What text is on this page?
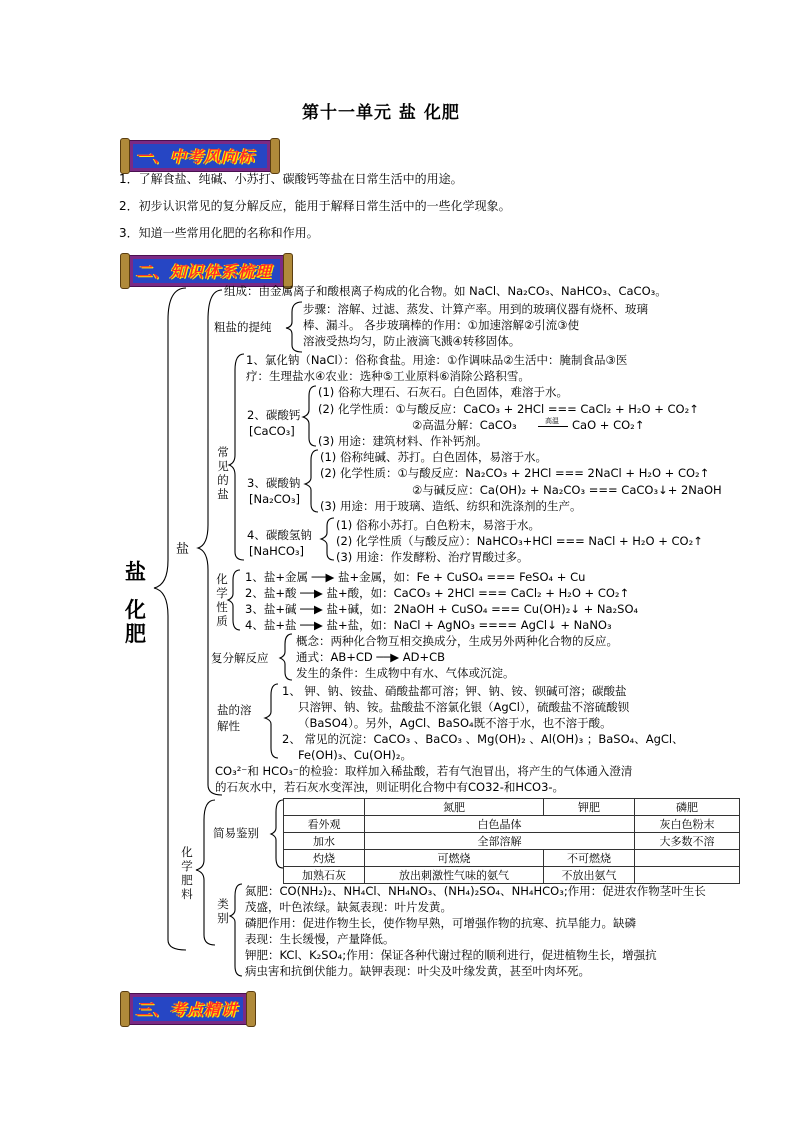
第十一单元 盐 化肥
一、中考风向标
1．了解食盐、纯碱、小苏打、碳酸钙等盐在日常生活中的用途。
2．初步认识常见的复分解反应，能用于解释日常生活中的一些化学现象。
3．知道一些常用化肥的名称和作用。
二、知识体系梳理
盐
化肥
盐
组成：由金属离子和酸根离子构成的化合物。如 NaCl、Na₂CO₃、NaHCO₃、CaCO₃。
粗盐的提纯
步骤：溶解、过滤、蒸发、计算产率。用到的玻璃仪器有烧杯、玻璃
棒、漏斗。 各步玻璃棒的作用：①加速溶解②引流③使
溶液受热均匀，防止液滴飞溅④转移固体。
常见的盐
1、氯化钠（NaCl）：俗称食盐。用途：①作调味品②生活中：腌制食品③医
疗：生理盐水④农业：选种⑤工业原料⑥消除公路积雪。
2、碳酸钙
[CaCO₃]
(1) 俗称大理石、石灰石。白色固体，难溶于水。
(2) 化学性质：①与酸反应：CaCO₃ + 2HCl === CaCl₂ + H₂O + CO₂↑
②高温分解：CaCO₃	高温 CaO + CO₂↑
(3) 用途：建筑材料、作补钙剂。
3、碳酸钠
[Na₂CO₃]
(1) 俗称纯碱、苏打。白色固体，易溶于水。
(2) 化学性质：①与酸反应：Na₂CO₃ + 2HCl === 2NaCl + H₂O + CO₂↑
②与碱反应：Ca(OH)₂ + Na₂CO₃ === CaCO₃↓+ 2NaOH
(3) 用途：用于玻璃、造纸、纺织和洗涤剂的生产。
4、碳酸氢钠
[NaHCO₃]
(1) 俗称小苏打。白色粉末，易溶于水。
(2) 化学性质（与酸反应）：NaHCO₃+HCl === NaCl + H₂O + CO₂↑
(3) 用途：作发酵粉、治疗胃酸过多。
化学性质
1、盐+金属 ──▶ 盐+金属，如：Fe + CuSO₄ === FeSO₄ + Cu
2、盐+酸 ──▶ 盐+酸，如：CaCO₃ + 2HCl === CaCl₂ + H₂O + CO₂↑
3、盐+碱 ──▶ 盐+碱，如：2NaOH + CuSO₄ === Cu(OH)₂↓ + Na₂SO₄
4、盐+盐 ──▶ 盐+盐，如：NaCl + AgNO₃ ==== AgCl↓ + NaNO₃
复分解反应
概念：两种化合物互相交换成分，生成另外两种化合物的反应。
通式：AB+CD ──▶ AD+CB
发生的条件：生成物中有水、气体或沉淀。
盐的溶
解性
1、 钾、钠、铵盐、硝酸盐都可溶；钾、钠、铵、钡碱可溶；碳酸盐
只溶钾、钠、铵。盐酸盐不溶氯化银（AgCl），硫酸盐不溶硫酸钡
（BaSO4）。另外，AgCl、BaSO₄既不溶于水，也不溶于酸。
2、 常见的沉淀：CaCO₃ 、BaCO₃ 、Mg(OH)₂ 、Al(OH)₃ ；BaSO₄、AgCl、
Fe(OH)₃、Cu(OH)₂。
CO₃²⁻和 HCO₃⁻的检验：取样加入稀盐酸，若有气泡冒出，将产生的气体通入澄清
的石灰水中，若石灰水变浑浊，则证明化合物中有CO32-和HCO3-。
化学肥料
简易鉴别
	氮肥	钾肥	磷肥
看外观	白色晶体		灰白色粉末
加水	全部溶解		大多数不溶
灼烧	可燃烧	不可燃烧	
加熟石灰	放出刺激性气味的氨气	不放出氨气	
类别
氮肥：CO(NH₂)₂、NH₄Cl、NH₄NO₃、(NH₄)₂SO₄、NH₄HCO₃;作用：促进农作物茎叶生长
茂盛，叶色浓绿。缺氮表现：叶片发黄。
磷肥作用：促进作物生长，使作物早熟，可增强作物的抗寒、抗旱能力。缺磷
表现：生长缓慢，产量降低。
钾肥：KCl、K₂SO₄;作用：保证各种代谢过程的顺利进行，促进植物生长，增强抗
病虫害和抗倒伏能力。缺钾表现：叶尖及叶缘发黄，甚至叶肉坏死。
三、考点精讲
